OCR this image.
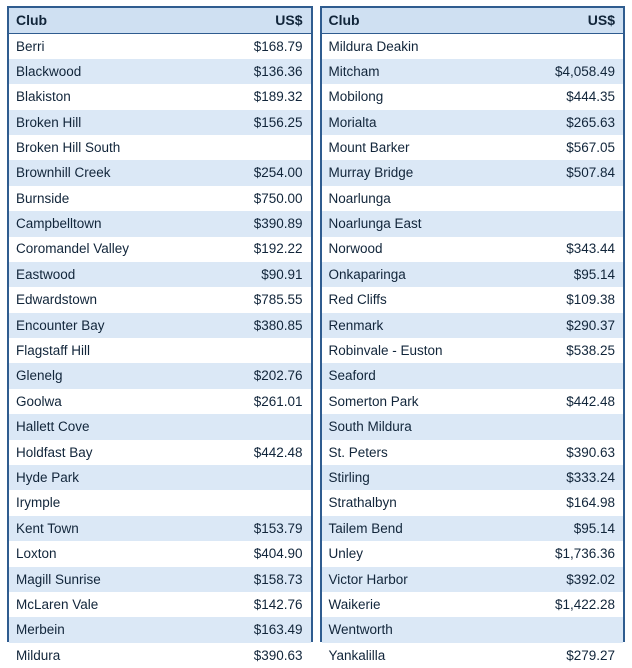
Club	US$
Berri	$168.79
Blackwood	$136.36
Blakiston	$189.32
Broken Hill	$156.25
Broken Hill South	
Brownhill Creek	$254.00
Burnside	$750.00
Campbelltown	$390.89
Coromandel Valley	$192.22
Eastwood	$90.91
Edwardstown	$785.55
Encounter Bay	$380.85
Flagstaff Hill	
Glenelg	$202.76
Goolwa	$261.01
Hallett Cove	
Holdfast Bay	$442.48
Hyde Park	
Irymple	
Kent Town	$153.79
Loxton	$404.90
Magill Sunrise	$158.73
McLaren Vale	$142.76
Merbein	$163.49
Mildura	$390.63
Club	US$
Mildura Deakin	
Mitcham	$4,058.49
Mobilong	$444.35
Morialta	$265.63
Mount Barker	$567.05
Murray Bridge	$507.84
Noarlunga	
Noarlunga East	
Norwood	$343.44
Onkaparinga	$95.14
Red Cliffs	$109.38
Renmark	$290.37
Robinvale - Euston	$538.25
Seaford	
Somerton Park	$442.48
South Mildura	
St. Peters	$390.63
Stirling	$333.24
Strathalbyn	$164.98
Tailem Bend	$95.14
Unley	$1,736.36
Victor Harbor	$392.02
Waikerie	$1,422.28
Wentworth	
Yankalilla	$279.27
